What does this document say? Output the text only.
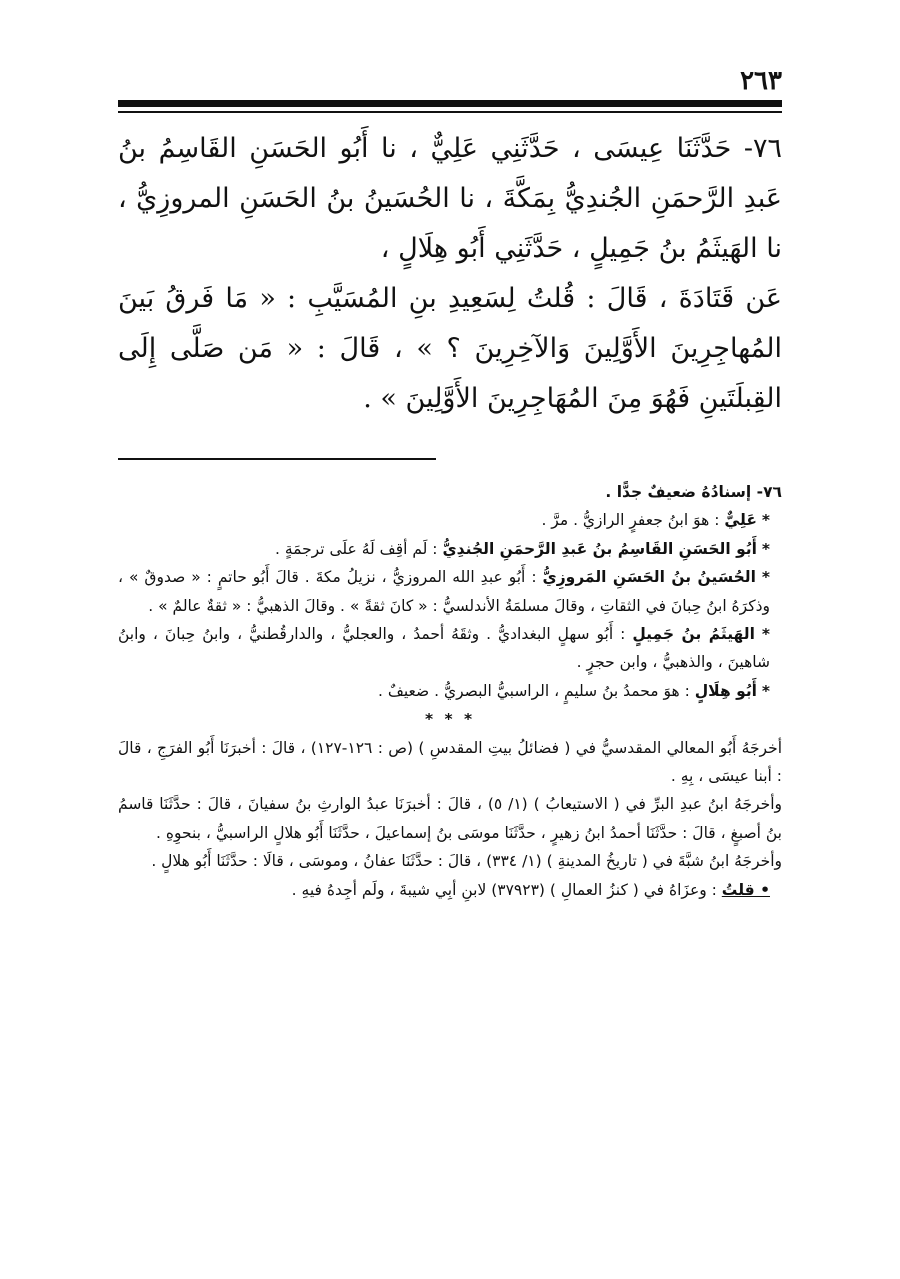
٢٦٣

٧٦- حَدَّثَنَا عِيسَى ، حَدَّثَنِي عَلِيٌّ ، نا أَبُو الحَسَنِ القَاسِمُ بنُ عَبدِ الرَّحمَنِ الجُندِيُّ بِمَكَّةَ ، نا الحُسَينُ بنُ الحَسَنِ المروزِيُّ ، نا الهَيثَمُ بنُ جَمِيلٍ ، حَدَّثَنِي أَبُو هِلَالٍ ،

عَن قَتَادَةَ ، قَالَ : قُلتُ لِسَعِيدِ بنِ المُسَيَّبِ : « مَا فَرقُ بَينَ المُهاجِرِينَ الأَوَّلِينَ وَالآخِرِينَ ؟ » ، قَالَ : « مَن صَلَّى إِلَى القِبلَتَينِ فَهُوَ مِنَ المُهَاجِرِينَ الأَوَّلِينَ » .

٧٦- إسنادُهُ ضعيفٌ جدًّا .

* عَلِيٌّ : هوَ ابنُ جعفرٍ الرازيُّ . مرَّ .

* أَبُو الحَسَنِ القَاسِمُ بنُ عَبدِ الرَّحمَنِ الجُندِيُّ : لَم أقِف لَهُ علَى ترجمَةٍ .

* الحُسَينُ بنُ الحَسَنِ المَروزِيُّ : أَبُو عبدِ الله المروزيُّ ، نزيلُ مكةَ . قالَ أَبُو حاتمٍ : « صدوقٌ » ، وذكرَهُ ابنُ حِبانَ في الثقاتِ ، وقالَ مسلمَةُ الأندلسيُّ : « كانَ ثقةً » . وقالَ الذهبيُّ : « ثقةٌ عالمٌ » .

* الهَيثَمُ بنُ جَمِيلٍ : أَبُو سهلٍ البغداديُّ . وثقَهُ أحمدُ ، والعجليُّ ، والدارقُطنيُّ ، وابنُ حِبانَ ، وابنُ شاهينَ ، والذهبيُّ ، وابن حجرٍ .

* أَبُو هِلَالٍ : هوَ محمدُ بنُ سليمٍ ، الراسبيُّ البصريُّ . ضعيفٌ .

* * *

أخرجَهُ أَبُو المعالي المقدسيُّ في ( فضائلُ بيتِ المقدسِ ) (ص : ١٢٦-١٢٧) ، قالَ : أخبرَنَا أَبُو الفرَجِ ، قالَ : أبنا عيسَى ، بِهِ .

وأخرجَهُ ابنُ عبدِ البرِّ في ( الاستيعابُ ) (١/ ٥) ، قالَ : أخبرَنَا عبدُ الوارثِ بنُ سفيانَ ، قالَ : حدَّثَنَا قاسمُ بنُ أصبغٍ ، قالَ : حدَّثَنَا أحمدُ ابنُ زهيرٍ ، حدَّثَنَا موسَى بنُ إسماعيلَ ، حدَّثَنَا أَبُو هلالٍ الراسبيُّ ، بنحوِهِ .

وأخرجَهُ ابنُ شبَّةَ في ( تاريخُ المدينةِ ) (١/ ٣٣٤) ، قالَ : حدَّثَنَا عفانُ ، وموسَى ، قالَا : حدَّثَنَا أَبُو هلالٍ .

• قلتُ : وعزَاهُ في ( كنزُ العمالِ ) (٣٧٩٢٣) لابنِ أبِي شيبةَ ، ولَم أجِدهُ فيهِ .
